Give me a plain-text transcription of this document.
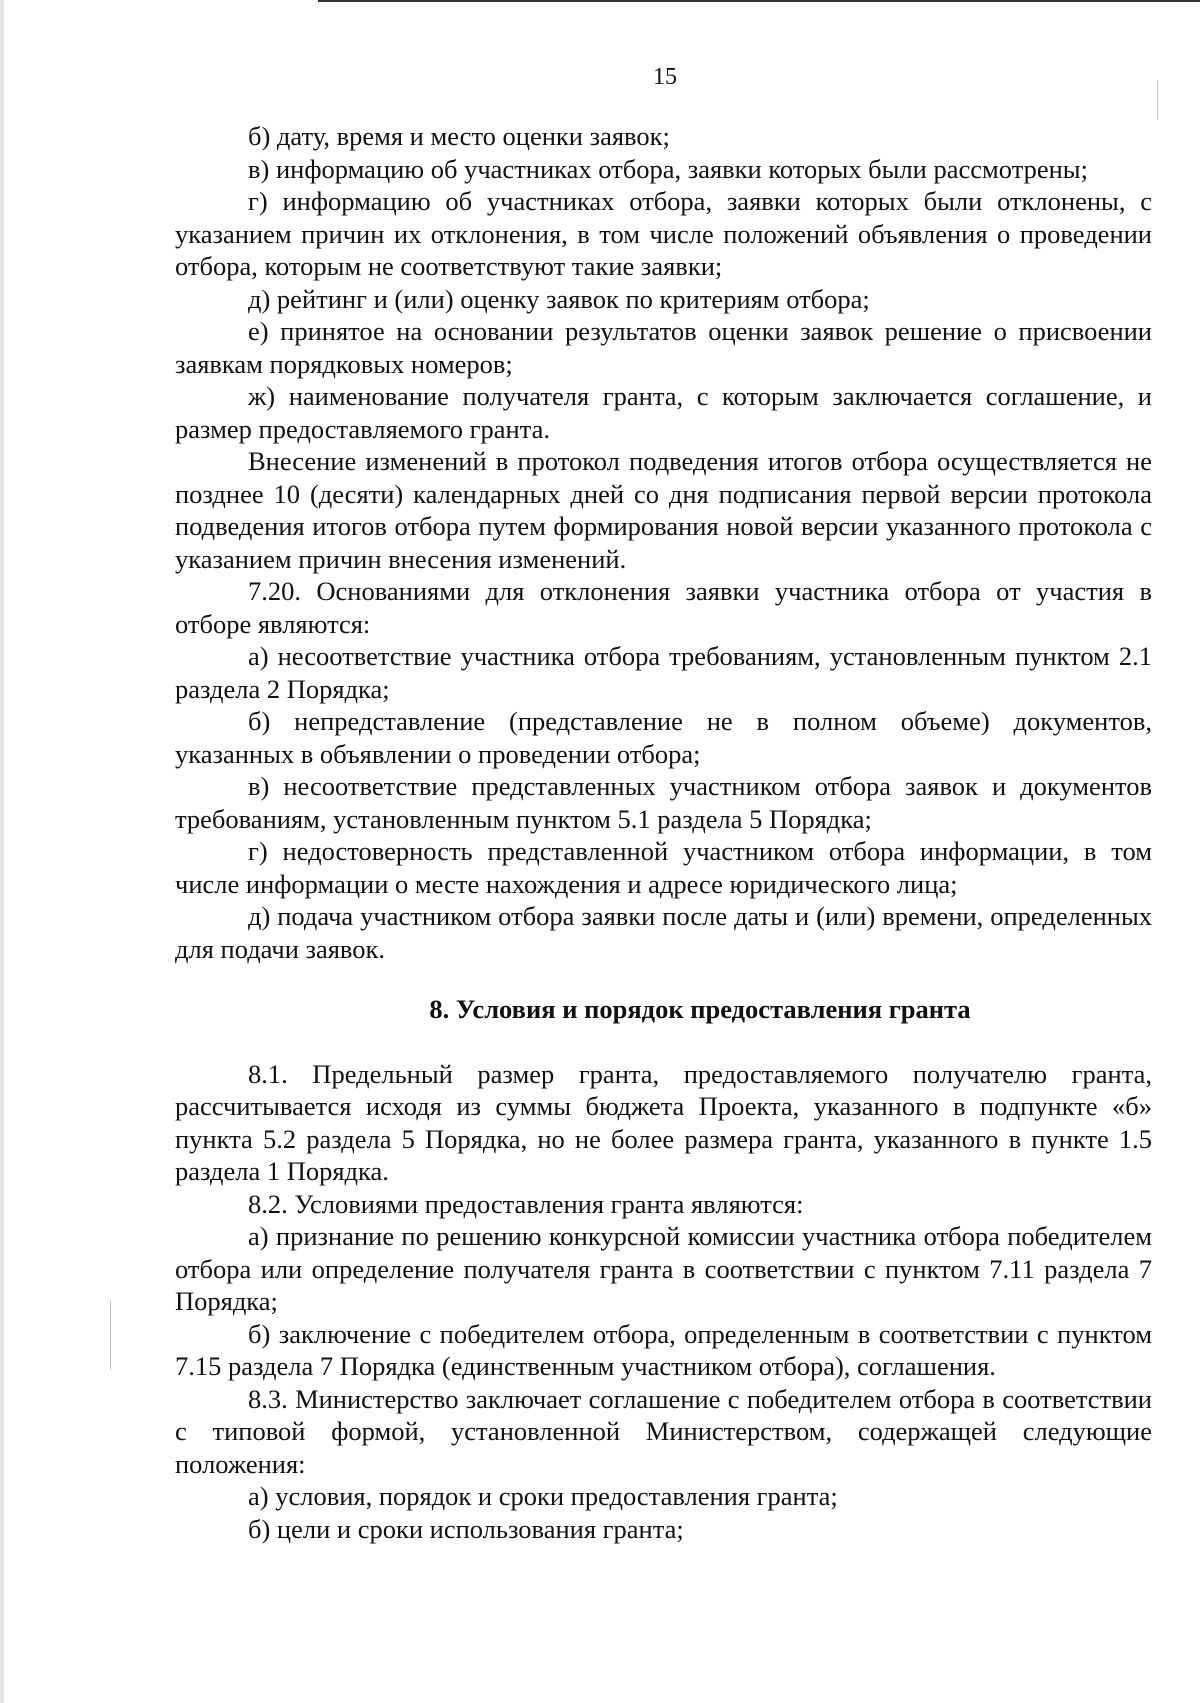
15

б) дату, время и место оценки заявок;

в) информацию об участниках отбора, заявки которых были рассмотрены;

г) информацию об участниках отбора, заявки которых были отклонены, с указанием причин их отклонения, в том числе положений объявления о проведении отбора, которым не соответствуют такие заявки;

д) рейтинг и (или) оценку заявок по критериям отбора;

е) принятое на основании результатов оценки заявок решение о присвоении заявкам порядковых номеров;

ж) наименование получателя гранта, с которым заключается соглашение, и размер предоставляемого гранта.

Внесение изменений в протокол подведения итогов отбора осуществляется не позднее 10 (десяти) календарных дней со дня подписания первой версии протокола подведения итогов отбора путем формирования новой версии указанного протокола с указанием причин внесения изменений.

7.20. Основаниями для отклонения заявки участника отбора от участия в отборе являются:

а) несоответствие участника отбора требованиям, установленным пунктом 2.1 раздела 2 Порядка;

б) непредставление (представление не в полном объеме) документов, указанных в объявлении о проведении отбора;

в) несоответствие представленных участником отбора заявок и документов требованиям, установленным пунктом 5.1 раздела 5 Порядка;

г) недостоверность представленной участником отбора информации, в том числе информации о месте нахождения и адресе юридического лица;

д) подача участником отбора заявки после даты и (или) времени, определенных для подачи заявок.

8. Условия и порядок предоставления гранта

8.1. Предельный размер гранта, предоставляемого получателю гранта, рассчитывается исходя из суммы бюджета Проекта, указанного в подпункте «б» пункта 5.2 раздела 5 Порядка, но не более размера гранта, указанного в пункте 1.5 раздела 1 Порядка.

8.2. Условиями предоставления гранта являются:

а) признание по решению конкурсной комиссии участника отбора победителем отбора или определение получателя гранта в соответствии с пунктом 7.11 раздела 7 Порядка;

б) заключение с победителем отбора, определенным в соответствии с пунктом 7.15 раздела 7 Порядка (единственным участником отбора), соглашения.

8.3. Министерство заключает соглашение с победителем отбора в соответствии с типовой формой, установленной Министерством, содержащей следующие положения:

а) условия, порядок и сроки предоставления гранта;

б) цели и сроки использования гранта;
